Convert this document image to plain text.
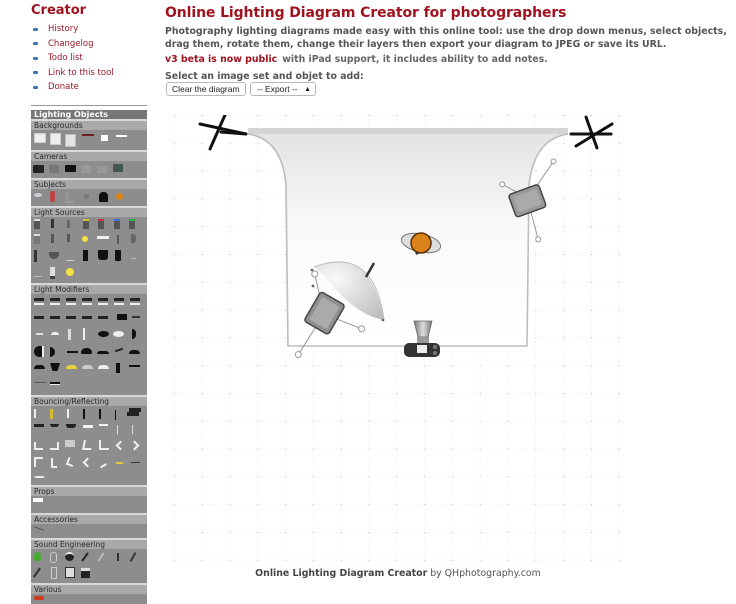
Creator
History
Changelog
Todo list
Link to this tool
Donate
Lighting Objects
Backgrounds
Cameras
Subjects
Light Sources
Light Modifiers
Bouncing/Reflecting
Props
Accessories
Sound Engineering
Various
Online Lighting Diagram Creator for photographers
Photography lighting diagrams made easy with this online tool: use the drop down menus, select objects, drag them, rotate them, change their layers then export your diagram to JPEG or save its URL.
v3 beta is now public with iPad support, it includes ability to add notes.
Select an image set and objet to add:
Clear the diagram	-- Export -- ▲

Online Lighting Diagram Creator by QHphotography.com
